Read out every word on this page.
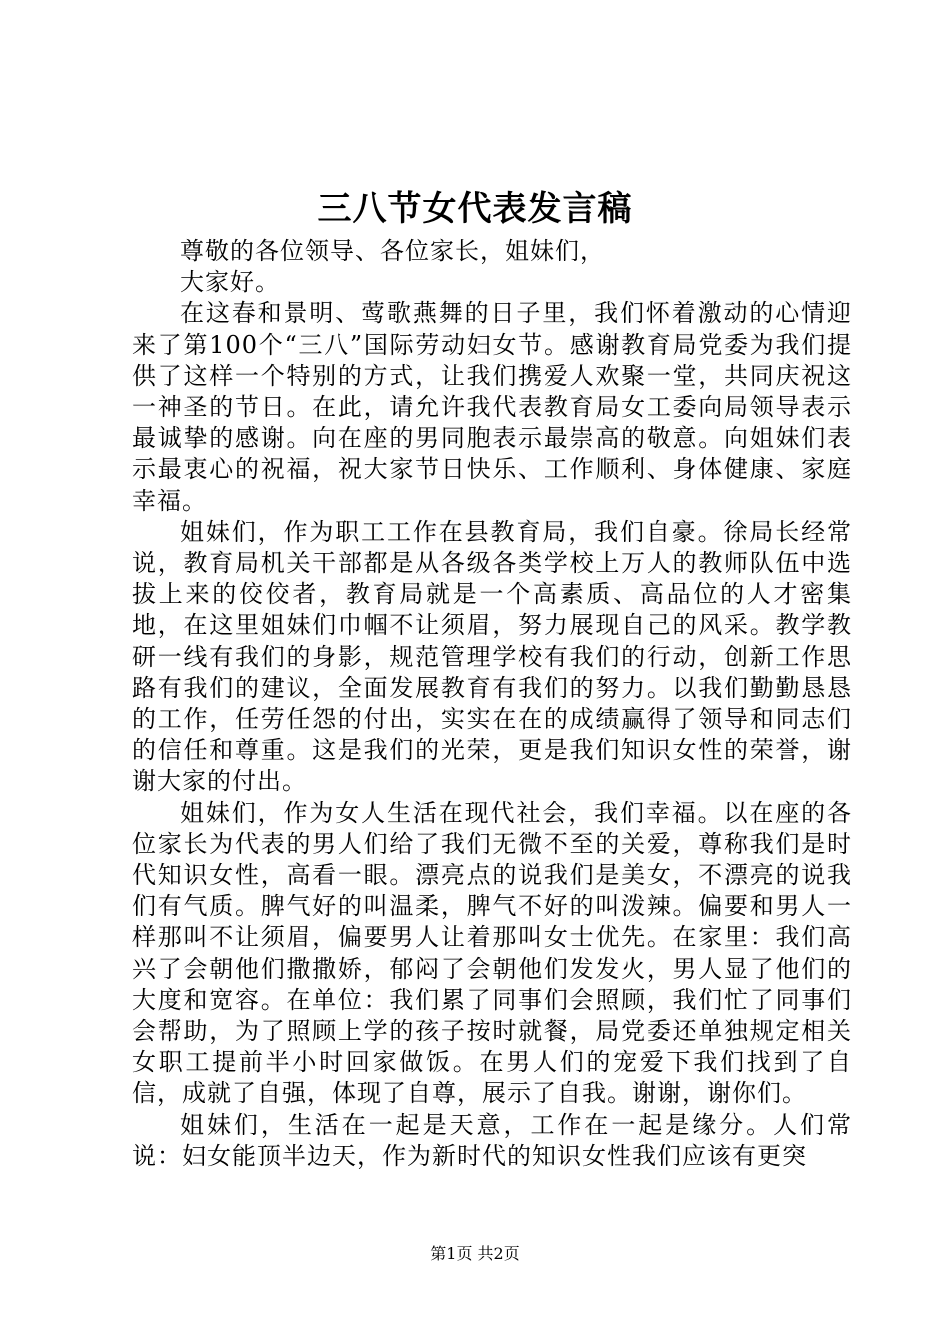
三八节女代表发言稿

尊敬的各位领导、各位家长，姐妹们，

大家好。

在这春和景明、莺歌燕舞的日子里，我们怀着激动的心情迎来了第100个“三八”国际劳动妇女节。感谢教育局党委为我们提供了这样一个特别的方式，让我们携爱人欢聚一堂，共同庆祝这一神圣的节日。在此，请允许我代表教育局女工委向局领导表示最诚挚的感谢。向在座的男同胞表示最崇高的敬意。向姐妹们表示最衷心的祝福，祝大家节日快乐、工作顺利、身体健康、家庭幸福。

姐妹们，作为职工工作在县教育局，我们自豪。徐局长经常说，教育局机关干部都是从各级各类学校上万人的教师队伍中选拔上来的佼佼者，教育局就是一个高素质、高品位的人才密集地，在这里姐妹们巾帼不让须眉，努力展现自己的风采。教学教研一线有我们的身影，规范管理学校有我们的行动，创新工作思路有我们的建议，全面发展教育有我们的努力。以我们勤勤恳恳的工作，任劳任怨的付出，实实在在的成绩赢得了领导和同志们的信任和尊重。这是我们的光荣，更是我们知识女性的荣誉，谢谢大家的付出。

姐妹们，作为女人生活在现代社会，我们幸福。以在座的各位家长为代表的男人们给了我们无微不至的关爱，尊称我们是时代知识女性，高看一眼。漂亮点的说我们是美女，不漂亮的说我们有气质。脾气好的叫温柔，脾气不好的叫泼辣。偏要和男人一样那叫不让须眉，偏要男人让着那叫女士优先。在家里：我们高兴了会朝他们撒撒娇，郁闷了会朝他们发发火，男人显了他们的大度和宽容。在单位：我们累了同事们会照顾，我们忙了同事们会帮助，为了照顾上学的孩子按时就餐，局党委还单独规定相关女职工提前半小时回家做饭。在男人们的宠爱下我们找到了自信，成就了自强，体现了自尊，展示了自我。谢谢，谢你们。

姐妹们，生活在一起是天意，工作在一起是缘分。人们常说：妇女能顶半边天，作为新时代的知识女性我们应该有更突

第1页 共2页
